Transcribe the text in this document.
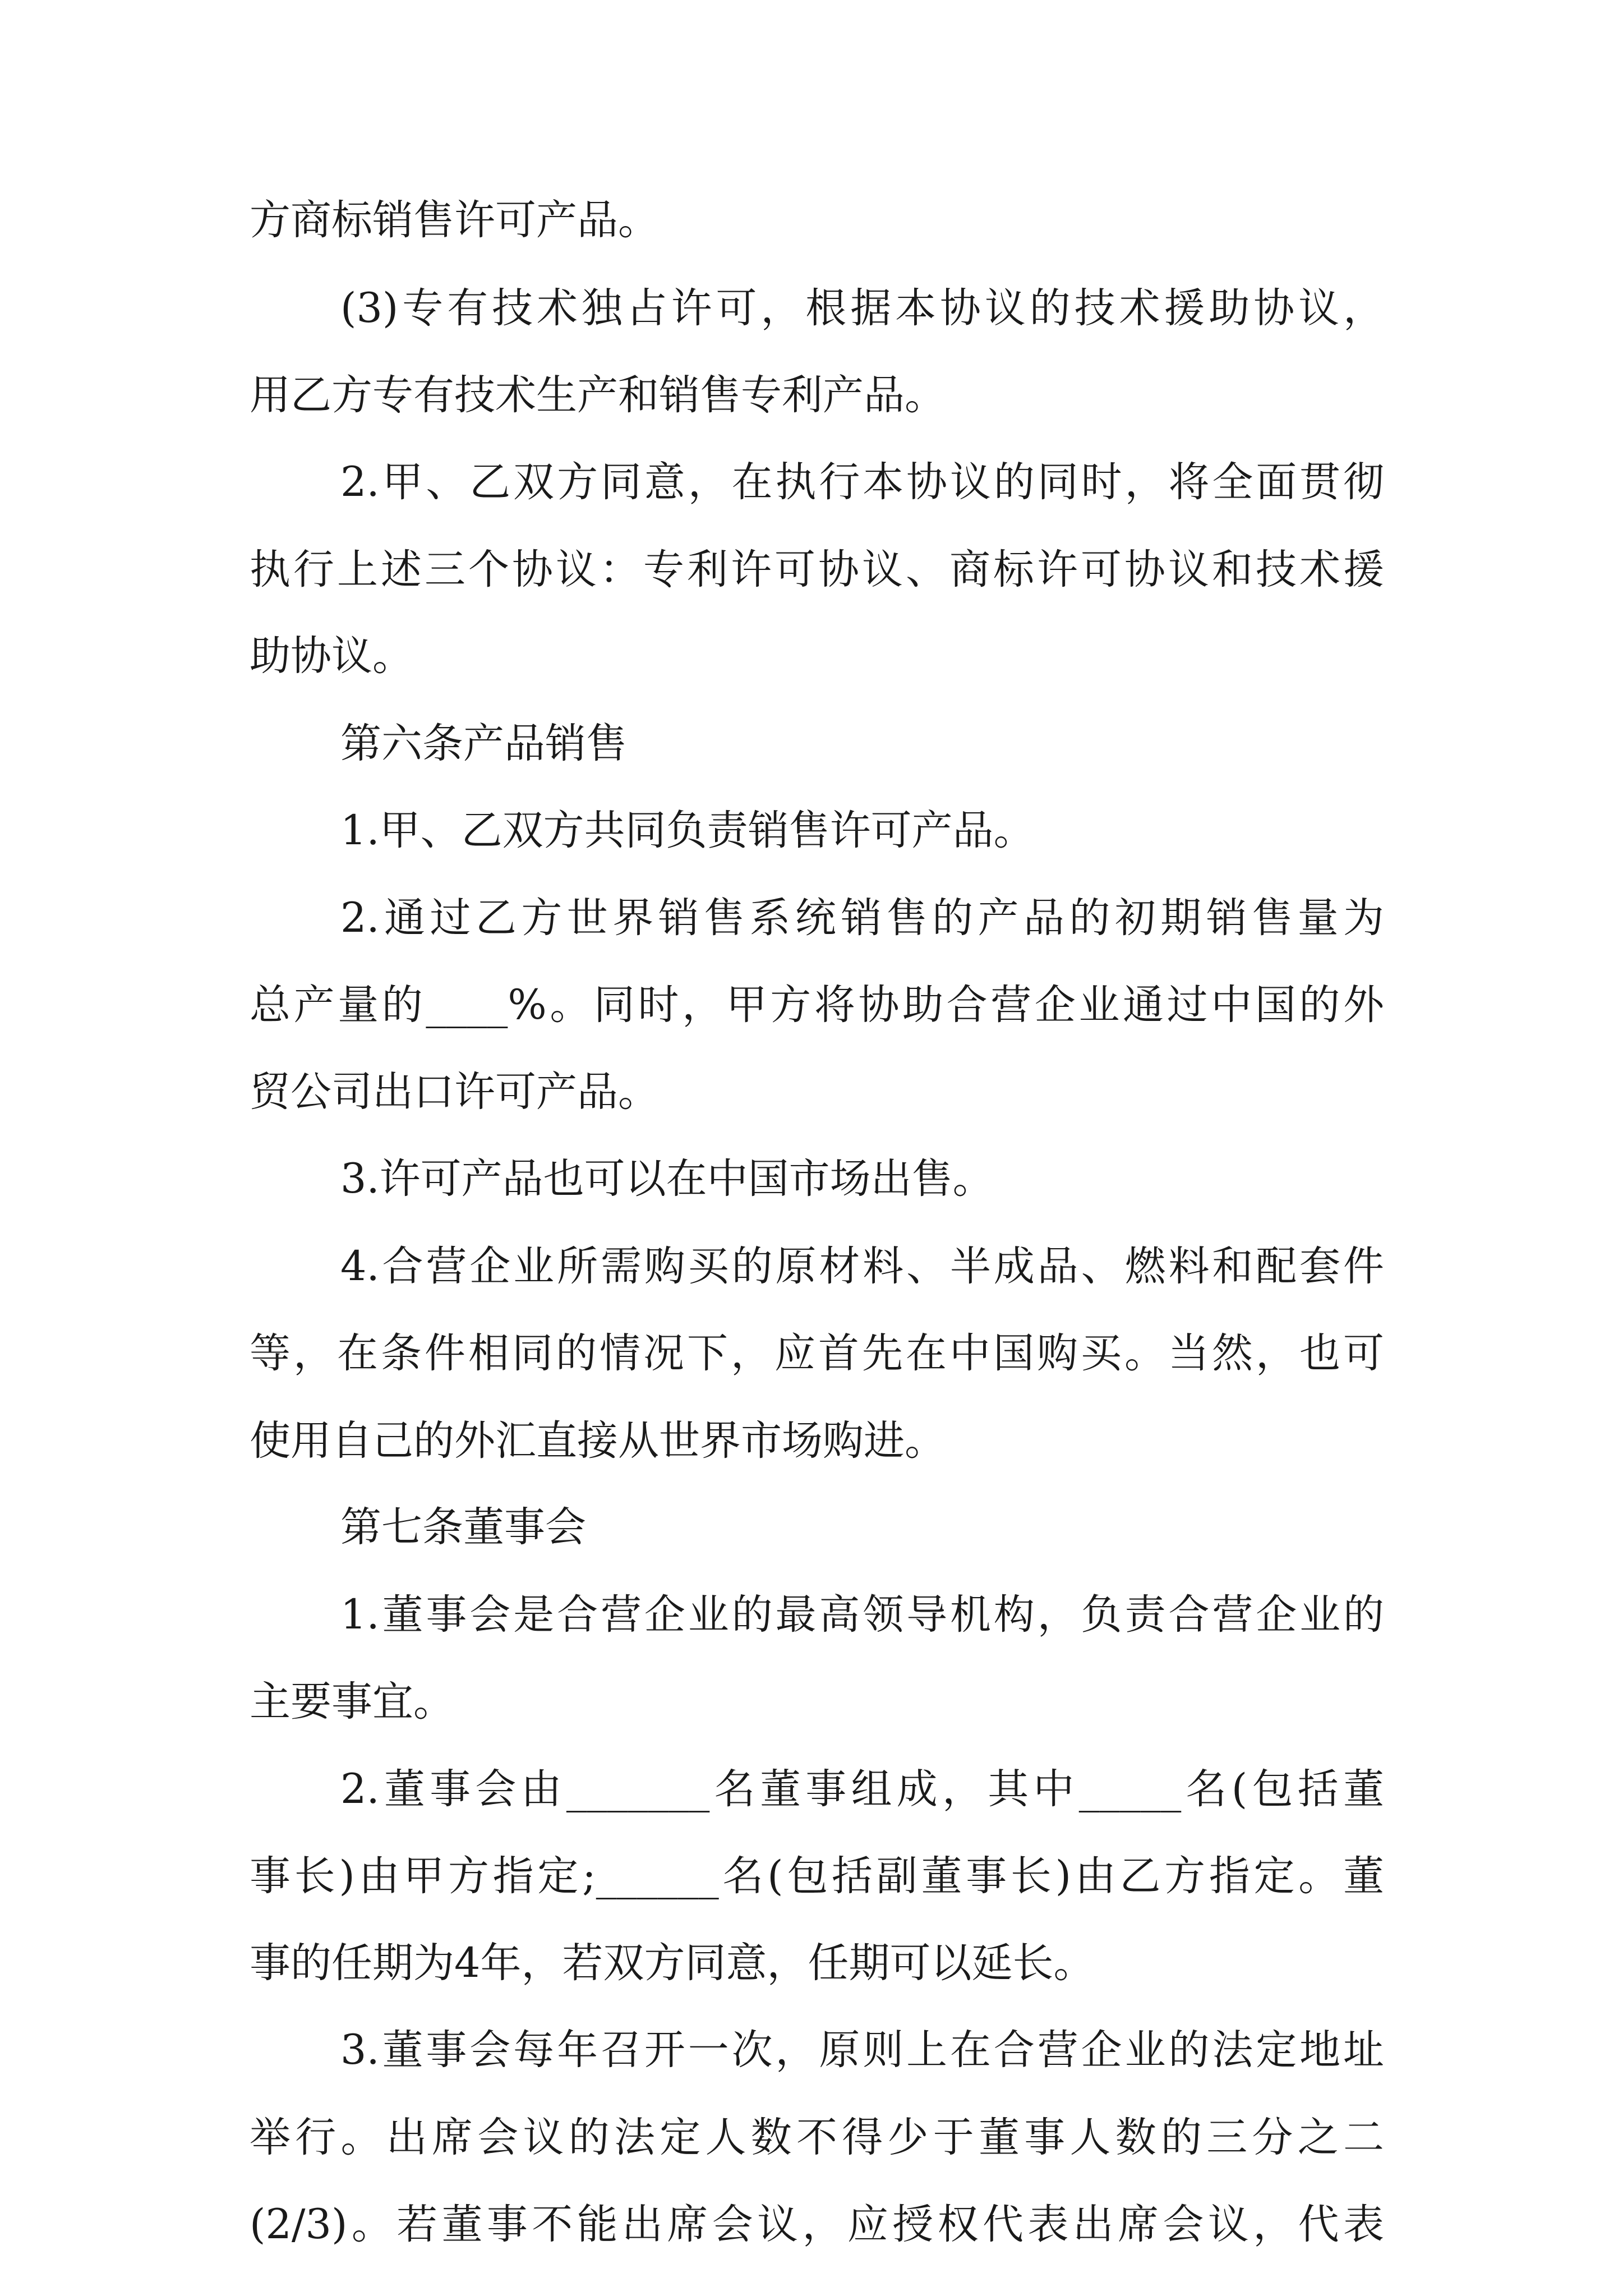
方商标销售许可产品。
(3)专有技术独占许可，根据本协议的技术援助协议，
用乙方专有技术生产和销售专利产品。
2.甲、乙双方同意，在执行本协议的同时，将全面贯彻
执行上述三个协议：专利许可协议、商标许可协议和技术援
助协议。
第六条产品销售
1.甲、乙双方共同负责销售许可产品。
2.通过乙方世界销售系统销售的产品的初期销售量为
总产量的____%。同时，甲方将协助合营企业通过中国的外
贸公司出口许可产品。
3.许可产品也可以在中国市场出售。
4.合营企业所需购买的原材料、半成品、燃料和配套件
等，在条件相同的情况下，应首先在中国购买。当然，也可
使用自己的外汇直接从世界市场购进。
第七条董事会
1.董事会是合营企业的最高领导机构，负责合营企业的
主要事宜。
2.董事会由_______名董事组成，其中_____名(包括董
事长)由甲方指定;______名(包括副董事长)由乙方指定。董
事的任期为4年，若双方同意，任期可以延长。
3.董事会每年召开一次，原则上在合营企业的法定地址
举行。出席会议的法定人数不得少于董事人数的三分之二
(2/3)。若董事不能出席会议，应授权代表出席会议，代表
